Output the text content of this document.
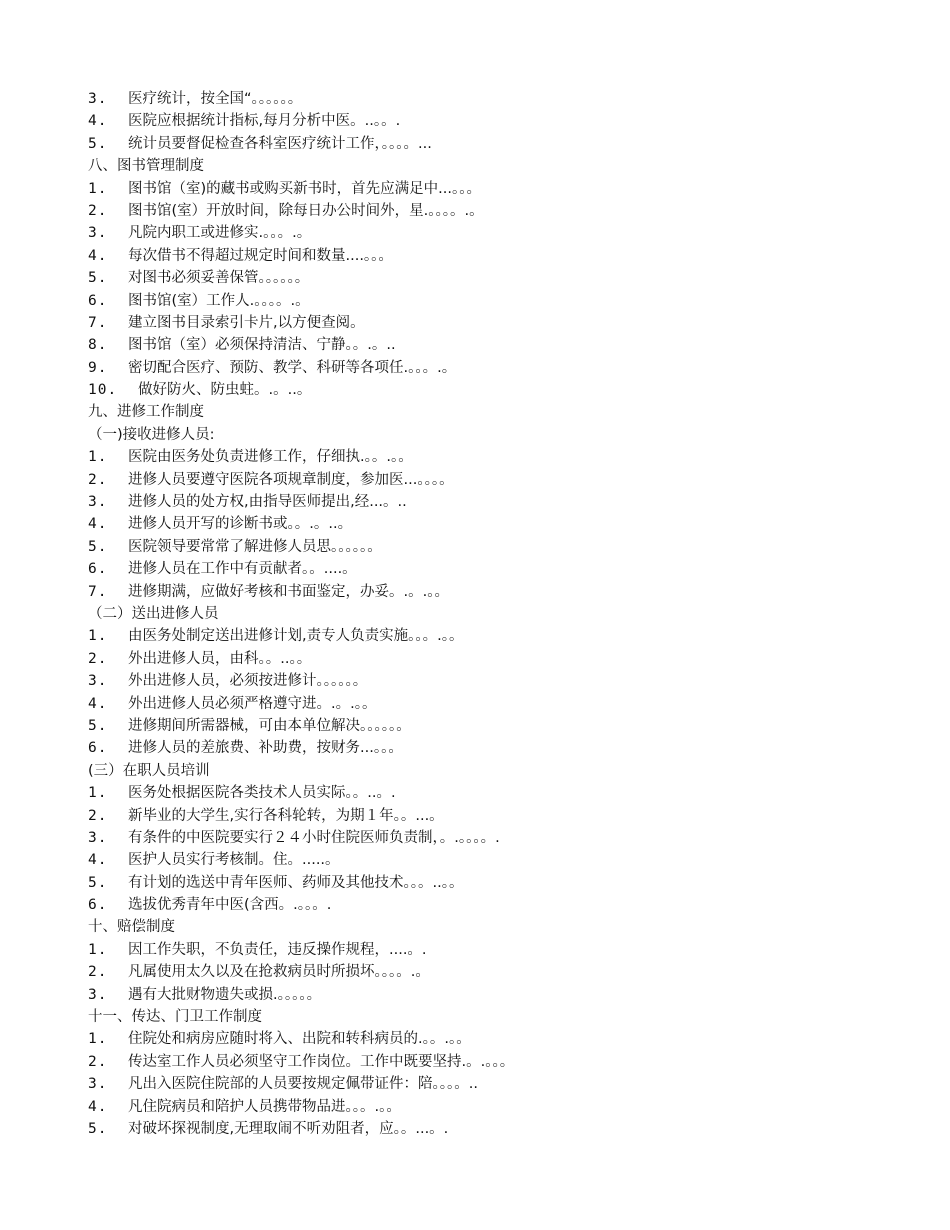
3. 医疗统计，按全国“。。。。。。
4. 医院应根据统计指标,每月分析中医。..。。.
5. 统计员要督促检查各科室医疗统计工作，。。。。...
八、图书管理制度
1. 图书馆（室)的藏书或购买新书时，首先应满足中...。。。
2. 图书馆(室）开放时间，除每日办公时间外，星.。。。。.。
3. 凡院内职工或进修实.。。。.。
4. 每次借书不得超过规定时间和数量....。。。
5. 对图书必须妥善保管。。。。。。
6. 图书馆(室）工作人.。。。。.。
7. 建立图书目录索引卡片,以方便查阅。
8. 图书馆（室）必须保持清洁、宁静。。.。..
9. 密切配合医疗、预防、教学、科研等各项任.。。。.。
10. 做好防火、防虫蛀。.。..。
九、进修工作制度
（一)接收进修人员:
1. 医院由医务处负责进修工作，仔细执.。。.。。
2. 进修人员要遵守医院各项规章制度，参加医...。。。。
3. 进修人员的处方权,由指导医师提出,经...。..
4. 进修人员开写的诊断书或。。.。..。
5. 医院领导要常常了解进修人员思。。。。。。
6. 进修人员在工作中有贡献者。。....。
7. 进修期满，应做好考核和书面鉴定，办妥。.。.。。
（二）送出进修人员
1. 由医务处制定送出进修计划,责专人负责实施。。。.。。
2. 外出进修人员，由科。。..。。
3. 外出进修人员，必须按进修计。。。。。。
4. 外出进修人员必须严格遵守进。.。.。。
5. 进修期间所需器械，可由本单位解决。。。。。。
6. 进修人员的差旅费、补助费，按财务...。。。
(三）在职人员培训
1. 医务处根据医院各类技术人员实际。。..。.
2. 新毕业的大学生,实行各科轮转，为期１年。。...。
3. 有条件的中医院要实行２４小时住院医师负责制，。.。。。。.
4. 医护人员实行考核制。住。.....。
5. 有计划的选送中青年医师、药师及其他技术。。。..。。
6. 选拔优秀青年中医(含西。.。。。.
十、赔偿制度
1. 因工作失职，不负责任，违反操作规程，....。.
2. 凡属使用太久以及在抢救病员时所损坏。。。。.。
3. 遇有大批财物遗失或损.。。。。。
十一、传达、门卫工作制度
1. 住院处和病房应随时将入、出院和转科病员的.。。.。。
2. 传达室工作人员必须坚守工作岗位。工作中既要坚持.。.。。。
3. 凡出入医院住院部的人员要按规定佩带证件：陪。。。。..
4. 凡住院病员和陪护人员携带物品进。。。.。。
5. 对破坏探视制度,无理取闹不听劝阻者，应。。...。.
